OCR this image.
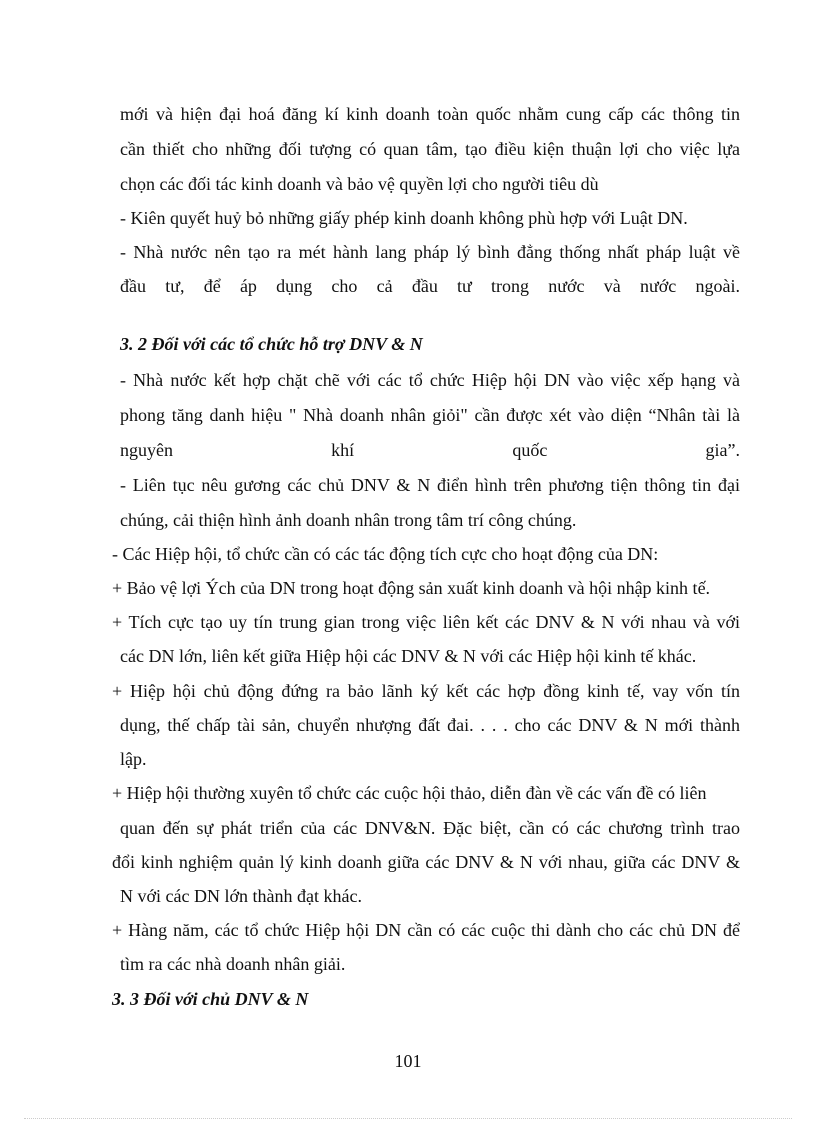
mới và hiện đại hoá đăng kí kinh doanh toàn quốc nhằm cung cấp các thông tin
cần thiết cho những đối tượng có quan tâm, tạo điều kiện thuận lợi cho việc lựa
chọn các đối tác kinh doanh và bảo vệ quyền lợi cho người tiêu dù
- Kiên quyết huỷ bỏ những giấy phép kinh doanh không phù hợp với Luật DN.
- Nhà nước nên tạo ra mét hành lang pháp lý bình đẳng thống nhất pháp luật về
đầu tư, để áp dụng cho cả đầu tư trong nước và nước ngoài.
3. 2 Đối với các tổ chức hỗ trợ DNV & N
- Nhà nước kết hợp chặt chẽ với các tổ chức Hiệp hội DN vào việc xếp hạng và
phong tăng danh hiệu " Nhà doanh nhân giỏi" cần được xét vào diện “Nhân tài là
nguyên khí quốc gia”.
- Liên tục nêu gương các chủ DNV & N điển hình trên phương tiện thông tin đại
chúng, cải thiện hình ảnh doanh nhân trong tâm trí công chúng.
- Các Hiệp hội, tổ chức cần có các tác động tích cực cho hoạt động của DN:
+ Bảo vệ lợi Ých của DN trong hoạt động sản xuất kinh doanh và hội nhập kinh tế.
+ Tích cực tạo uy tín trung gian trong việc liên kết các DNV & N với nhau và với
các DN lớn, liên kết giữa Hiệp hội các DNV & N với các Hiệp hội kinh tế khác.
+ Hiệp hội chủ động đứng ra bảo lãnh ký kết các hợp đồng kinh tế, vay vốn tín
dụng, thế chấp tài sản, chuyển nhượng đất đai. . . . cho các DNV & N mới thành
lập.
+ Hiệp hội thường xuyên tổ chức các cuộc hội thảo, diễn đàn về các vấn đề có liên
quan đến sự phát triển của các DNV&N. Đặc biệt, cần có các chương trình trao
đổi kinh nghiệm quản lý kinh doanh giữa các DNV & N với nhau, giữa các DNV &
N với các DN lớn thành đạt khác.
+ Hàng năm, các tổ chức Hiệp hội DN cần có các cuộc thi dành cho các chủ DN để
tìm ra các nhà doanh nhân giải.
3. 3 Đối với chủ DNV & N
101
